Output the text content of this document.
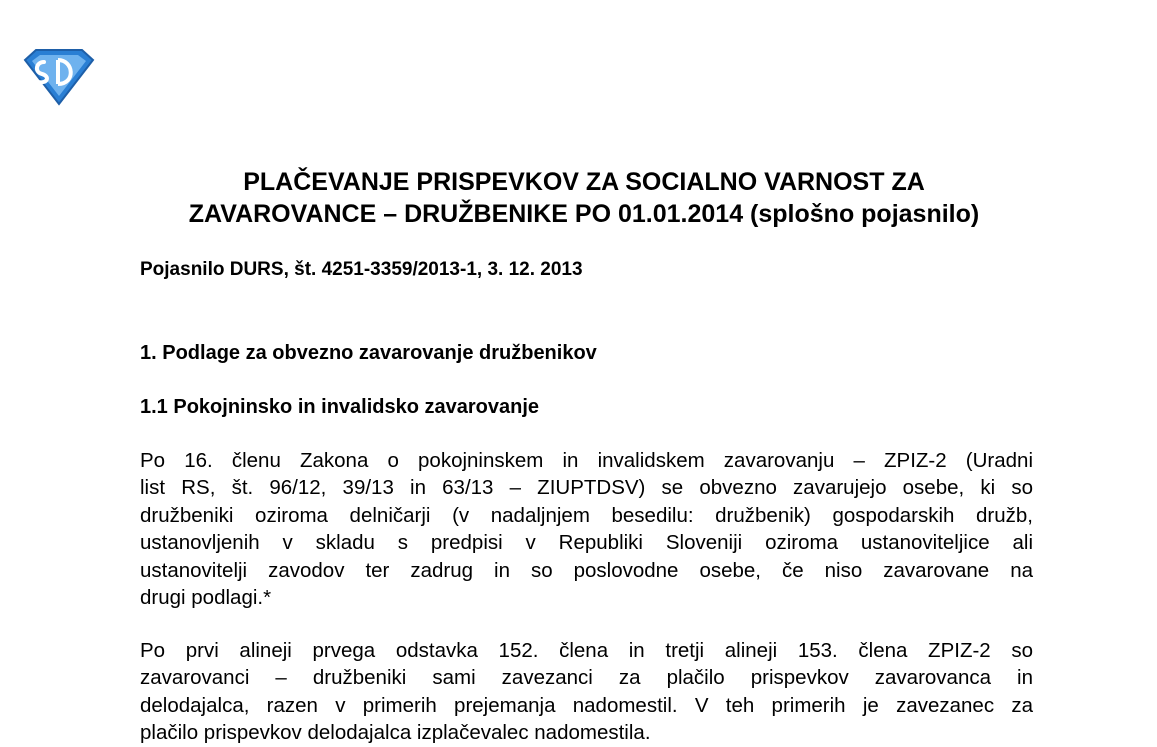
PLAČEVANJE PRISPEVKOV ZA SOCIALNO VARNOST ZA
ZAVAROVANCE – DRUŽBENIKE PO 01.01.2014 (splošno pojasnilo)

Pojasnilo DURS, št. 4251-3359/2013-1, 3. 12. 2013

1. Podlage za obvezno zavarovanje družbenikov
1.1 Pokojninsko in invalidsko zavarovanje

Po 16. členu Zakona o pokojninskem in invalidskem zavarovanju – ZPIZ-2 (Uradni
list RS, št. 96/12, 39/13 in 63/13 – ZIUPTDSV) se obvezno zavarujejo osebe, ki so
družbeniki oziroma delničarji (v nadaljnjem besedilu: družbenik) gospodarskih družb,
ustanovljenih v skladu s predpisi v Republiki Sloveniji oziroma ustanoviteljice ali
ustanovitelji zavodov ter zadrug in so poslovodne osebe, če niso zavarovane na
drugi podlagi.*

Po prvi alineji prvega odstavka 152. člena in tretji alineji 153. člena ZPIZ-2 so
zavarovanci – družbeniki sami zavezanci za plačilo prispevkov zavarovanca in
delodajalca, razen v primerih prejemanja nadomestil. V teh primerih je zavezanec za
plačilo prispevkov delodajalca izplačevalec nadomestila.
